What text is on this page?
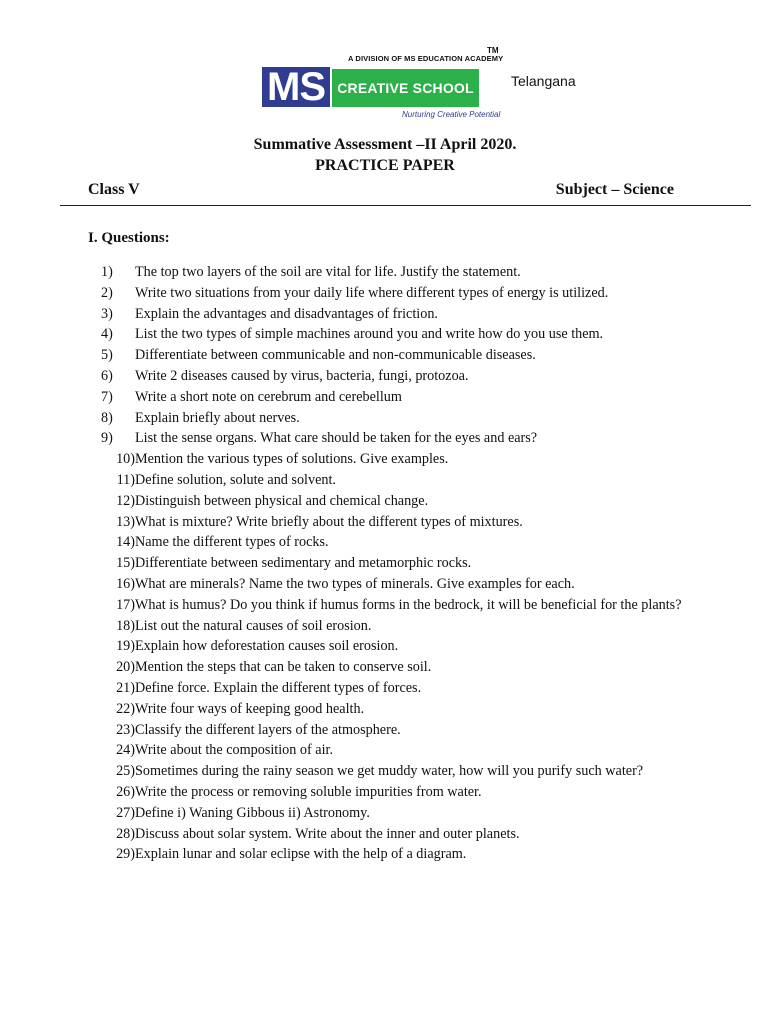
TM
A DIVISION OF MS EDUCATION ACADEMY
MS CREATIVE SCHOOL
Nurturing Creative Potential
Telangana
Summative Assessment –II April 2020.
PRACTICE PAPER
Class V	Subject – Science
I. Questions:
1)	The top two layers of the soil are vital for life. Justify the statement.
2)	Write two situations from your daily life where different types of energy is utilized.
3)	Explain the advantages and disadvantages of friction.
4)	List the two types of simple machines around you and write how do you use them.
5)	Differentiate between communicable and non-communicable diseases.
6)	Write 2 diseases caused by virus, bacteria, fungi, protozoa.
7)	Write a short note on cerebrum and cerebellum
8)	Explain briefly about nerves.
9)	List the sense organs. What care should be taken for the eyes and ears?
10) Mention the various types of solutions. Give examples.
11) Define solution, solute and solvent.
12) Distinguish between physical and chemical change.
13) What is mixture? Write briefly about the different types of mixtures.
14) Name the different types of rocks.
15) Differentiate between sedimentary and metamorphic rocks.
16) What are minerals? Name the two types of minerals. Give examples for each.
17) What is humus? Do you think if humus forms in the bedrock, it will be beneficial for the plants?
18) List out the natural causes of soil erosion.
19) Explain how deforestation causes soil erosion.
20) Mention the steps that can be taken to conserve soil.
21) Define force. Explain the different types of forces.
22) Write four ways of keeping good health.
23) Classify the different layers of the atmosphere.
24) Write about the composition of air.
25) Sometimes during the rainy season we get muddy water, how will you purify such water?
26) Write the process or removing soluble impurities from water.
27) Define i) Waning Gibbous ii) Astronomy.
28) Discuss about solar system. Write about the inner and outer planets.
29) Explain lunar and solar eclipse with the help of a diagram.
